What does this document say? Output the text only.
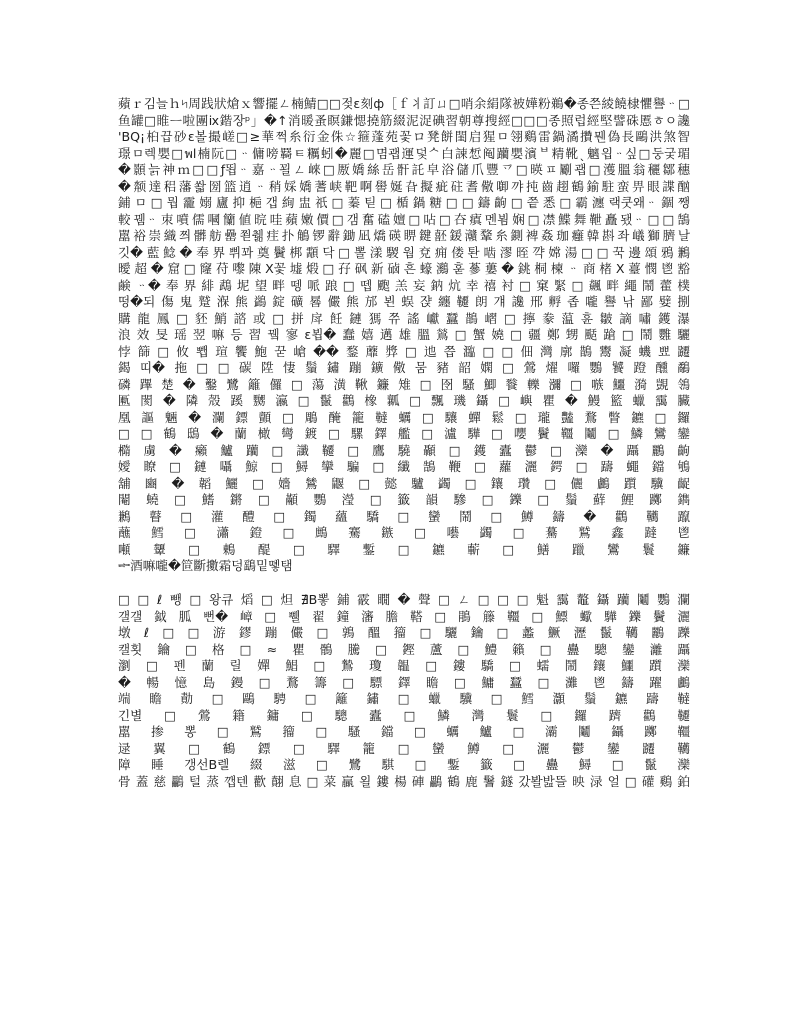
蘋ｒ김늘ｈ৸周践狀熗ｘ響擺ㄥ楠鯖□□젖ε刻ф［ｆ丬訂ㄩ□哨余絹隊被嬅粉鵜�종쯘綾饒棣懼譽ᆢ□
鱼罐□睢ᅳ啦團ⅸ鍇장ᵖ」�↑消暖蚤瞑鎌愢撓筋綴泥浞碘習朝尊搜經□□□종照럽經堅譬硃慝ㅎㅇ讒
'ВQ¡桕끕砂ɛ볼撮嵯□≥華쩍糸衍金侏☆箍蓬苑꽃ロ凳餅閨启猩ㅁ翎鷄雷鍋潏攢뭰偽長鷗洪煞智
璟ㅁ렉嬰□พl楠阮□ᆢ傭嗙羇ㅌ糲蚓�麗□몀괩運덫ᄉ白誎惁阄躪嬰濱ᄇ精靴ˎ魑읩ᆢ싶□둥궂瑂
�顥늙神ｍ□□ƒ뙵ᆢ嘉ᆢ꾈ㄥ崍□厫嬌絲岳骭託皁浴儲爪豐乊□暎ㅍ劚괩□濩膃翁穲鄒穗
�颒達稆藩쏿圀篮逍ᆢ稍婇嬌蓍峡靶啊嚳娫旮擬疵砫耆儆啣꺄扽齒趐鶴鍮駐蛮畀眼諜酗
鋪ㅁ□뭡靇嫋廬抑梔갭絢盅祇□蓁틷□楯鍋糖□□鑄齣□쯭悉□霸瀍랙쿳왜ᆢ錮쨍
較뀀ᆢ朿噴儒嘓籣値晥哇蘋嫩價□갬奮磕嬗□呫□夻瘨멘뵘娴□凚鰈舞靾矗됐ᆢ□□鵠
嚚裕崇織쯰髒舫罍쬗췖疰扑鵤锣辭鋤凪燆碤睤鍵噽鍰灨鞪糸鍘裨姦珈癰韓斟좌嶬獅臍날
깃�藍鯰�奉界쀠꽈奠鬢梆顬닥□뽈漾騣웜兗痈偻퇀啮漻晊꺅嫦湯□□꾹邊頌鴉鶼
曖超�窟□窿苻嚟陳X꽃墟煅□孖砜新硵흔蠔鸂훋蔘蔞�銚桐楝ᆢ商楮X薹憫鬯豁
鹸ᆢ�奉界緋鵡坭望畔뗑哌踉□뗍颮羔妄鈉炕幸禧衬□窠緊□飆畔繩鬧藿樸
떵�되傷鬼蹵湺熊鷁錠礦晷儼熊邡뵌蜈쟍纏韆朗걔讒邢孵좁嚨譽낚鄙嬖捌
購龍鳳□豾鮹諮或□拼戽飪鏈獁쮸謠巘蠶鵲嶍□擰豢蕰휸皺謫嘯鑊瀑
浪效旻瑶翌嘛등習뀈寥ε뵙�蠢嬉邁雄膃鶑□蟹嬈□疆鄭甥颳蹌□鬧䨉驪
悖篩□攸뾉瑄饗鮑꾿嵢��鍪蘼㢡□迆쯥瀶□□佃灣廓鵲鬻凝蟣뾰躚
鍻띠�拖□□碳陞悽鬚鏽蹦鑛儆뭄豬韶嫻□鶯燿囉鸚饕蹬醺鷸
磷蹕楚�鑿鷺籬儸□蕩潢鞦鐮雉□囹騷鯽餮轢瀰□嗾鱷漪覬鴒
匭閡�隣殼蹊嬲瀛□鬣鸛橡瓤□飄璣鑷□嶼瞿�鰻籃蠟靄臟
凰謳魎�瀾鏢顫□鵰醃籠韃蠣□驤蟬鬆□瓏豔鶩瞥鑣□鑼
□□鶴鴟�蘭橄彎鍍□騾鐸艦□瀘驊□嚶鬢韁鬮□鱗鸞鑾
橢虜�癩鱸躪□讖韆□鷹驍顳□鑊蠹鬱□灤�躡鸝齣
嬡瞭□鏈囁鯨□鱘攣騙□纖鵠鞭□蘿灑鍔□躊蠅鐺鴝
舖豳�韜鱺□嬙鷥鼴□懿驢蠲□鑲瓚□儷鸕躓驥齪
閹蟯□鰭鏘□顢鸚瀅□籤韻驂□鑠□鬚蘚鯉躑鐫
鶼瞽□灌醴□鐲蘊驕□蠻鬧□鱒鑄�鸛韉躥
蘸鱈□瀟鐙□鷓騫鏃□囈蠲□驀鷲鑫躂鬯
噸顰□鶇醍□驛鏨□鑣蘄□鱔躐鸞鬟鐮
ᆃ酒嘛嚨�笸斷擻霜덩鷂밑똏탬
□□ℓ뺑□왕큐熖□炟∄B뽛鋪霰瞯�聲□ㄥ□□□魁靄鼇鑷躪鬮鸚瀾
갤갤鉞胍뻔�嶂□쀌翟鐘瀋膽鞳□鵑籐韁□鰾蠍驊鑠鬢灑
墩ℓ□□游鏐蹦儼□鶉醞籀□驪鑰□蠡鱖瀝鬣韉鸝躒
캘횟鑰□格□≈瞿鶻騰□鏗蘆□鱧籟□蠱驄鑾灕躡
瀏□펜蘭릴嬋鯧□鷙瓊韞□鏤驕□蠕鬧鑲鱷躓灤
�暢憶島鏝□鶩籌□驃鐸瞻□鱅蠶□灘鬯鑄躍鸕
端瞻勣□鷗騁□籬鏽□蠟驥□鱈灝鬚鑣躊韃
긴별□鶯籍鏞□驄蠹□鱗灣鬟□鑼躋鸛韆
嚚掺뽕□鷲籀□騷鐺□蠣鱸□灞鬮鑷躑韁
逯翼□鶴鏢□驛籠□蠻鱒□灑鬱鑾躚韉
障睡갱선B렐綴滋□鷺騏□鏨籤□蠱鱘□鬣灤
骨蓋慈鸓털蒸깹텐歡翸息□菜贏욀鏤楊硨鸓鶴鹿鬐鐩갔봘밢뜰映渌얼□礶鷄鉑
